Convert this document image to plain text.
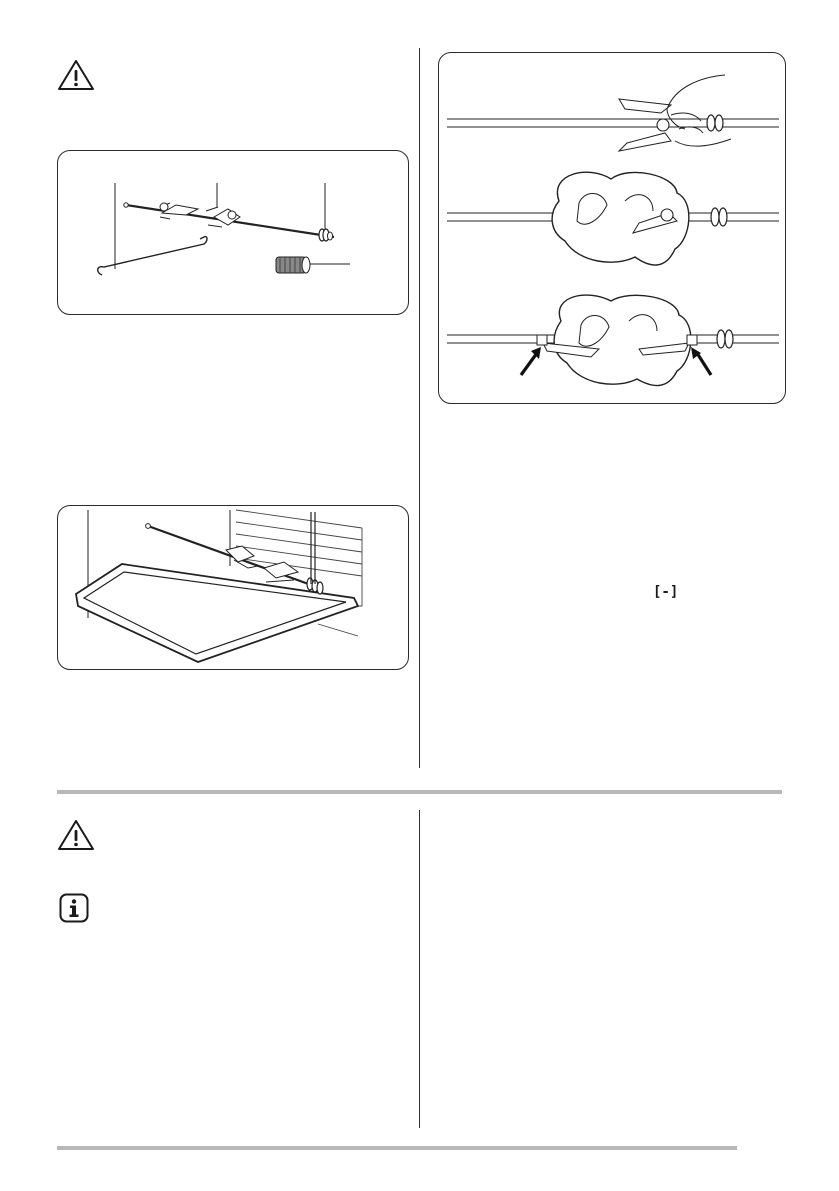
[-]
